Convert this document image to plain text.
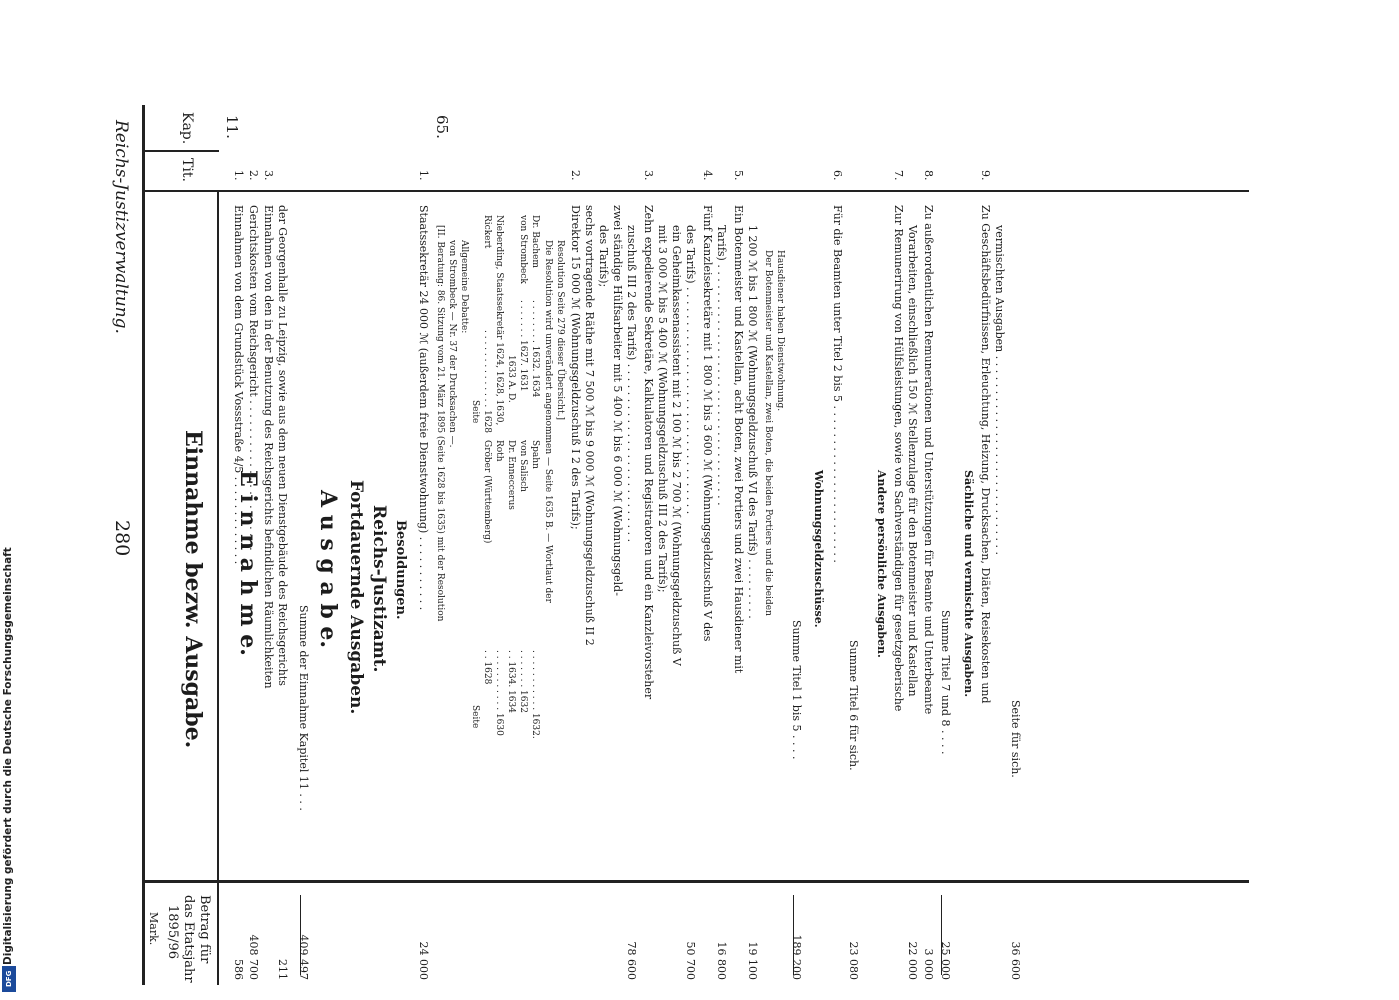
Digitalisierung gefördert durch die Deutsche Forschungsgemeinschaft
DFG
Reichs-Justizverwaltung.
280
Kap.
Tit.
Einnahme bezw. Ausgabe.
Betrag für
das Etatsjahr
1895/96
Mark.
11.	65.
E i n n a h m e.
1.
Einnahmen von dem Grundstück Vossstraße 4/5 . . . . . . . . . . . . .
586
2.
Gerichtskosten vom Reichsgericht . . . . . . . . . . . . . . . . . . . . . .
408 700
3.
Einnahmen von den in der Benutzung des Reichsgerichts befindlichen Räumlichkeiten der Georgenhalle zu Leipzig, sowie aus dem neuen Dienstgebäude des Reichsgerichts
211
Summe der Einnahme Kapitel 11 . . .
409 497
A u s g a b e. Fortdauernde Ausgaben. Reichs-Justizamt. Besoldungen.
1.
Staatssekretär 24 000 ℳ (außerdem freie Dienstwohnung) . . . . . . . . . . .
24 000
[II. Beratung: 86. Sitzung vom 21. März 1895 (Seite 1628 bis 1635) mit der Resolution von Strombeck — Nr. 37 der Drucksachen —. Allgemeine Debatte:
Seite
Seite
Rickert
. . . . . . . . . . . . . . 1628
Gröber (Württemberg)
. . 1628
Nieberding, Staatssekretär 1624, 1628, 1630,
Roth
. . . . . . . . . . . 1630
1633 A. D.
Dr. Enneccerus
. . 1634. 1634
von Strombeck
. . . . . . . 1627. 1631
von Salisch
. . . . . . . 1632
Dr. Bachem
. . . . . . . . 1632. 1634
Spahn
. . . . . . . . . . . 1632.
Die Resolution wird unverändert angenommen — Seite 1635 B. — Wortlaut der Resolution Seite 279 dieser Übersicht.]
2.
Direktor 15 000 ℳ (Wohnungsgeldzuschuß I 2 des Tarifs); sechs vortragende Räthe mit 7 500 ℳ bis 9 000 ℳ (Wohnungsgeldzuschuß II 2 des Tarifs); zwei ständige Hülfsarbeiter mit 5 400 ℳ bis 6 000 ℳ (Wohnungsgeld- zuschuß III 2 des Tarifs) . . . . . . . . . . . . . . . . . . . . . . . . . .
78 600
3.
Zehn expedierende Sekretäre, Kalkulatoren und Registratoren und ein Kanzleivorsteher mit 3 000 ℳ bis 5 400 ℳ (Wohnungsgeldzuschuß III 2 des Tarifs); ein Geheimkassenassistent mit 2 100 ℳ bis 2 700 ℳ (Wohnungsgeldzuschuß V des Tarifs) . . . . . . . . . . . . . . . . . . . . . . . . . . . . . . . . .
50 700
4.
Fünf Kanzleisekretäre mit 1 800 ℳ bis 3 600 ℳ (Wohnungsgeldzuschuß V des Tarifs) . . . . . . . . . . . . . . . . . . . . . . . . . . . . . . . . . . .
16 800
5.
Ein Botenmeister und Kastellan, acht Boten, zwei Portiers und zwei Hausdiener mit 1 200 ℳ bis 1 800 ℳ (Wohnungsgeldzuschuß VI des Tarifs) . . . . . . . . .
19 100
Der Botenmeister und Kastellan, zwei Boten, die beiden Portiers und die beiden Hausdiener haben Dienstwohnung.
Summe Titel 1 bis 5 . . . .
189 200
Wohnungsgeldzuschüsse.
6.
Für die Beamten unter Titel 2 bis 5 . . . . . . . . . . . . . . . . . . . . . . .
Summe Titel 6 für sich.
23 080
Andere persönliche Ausgaben.
7.
Zur Remunerirung von Hülfsleistungen, sowie von Sachverständigen für gesetzgeberische Vorarbeiten, einschließlich 150 ℳ Stellenzulage für den Botenmeister und Kastellan
22 000
8.
Zu außerordentlichen Remunerationen und Unterstützungen für Beamte und Unterbeamte
3 000
Summe Titel 7 und 8 . . . .
25 000
Sächliche und vermischte Ausgaben.
9.
Zu Geschäftsbedürfnissen, Erleuchtung, Heizung, Drucksachen, Diäten, Reisekosten und vermischten Ausgaben . . . . . . . . . . . . . . . . . . . . . . . . . . . . .
Seite für sich.
36 600
